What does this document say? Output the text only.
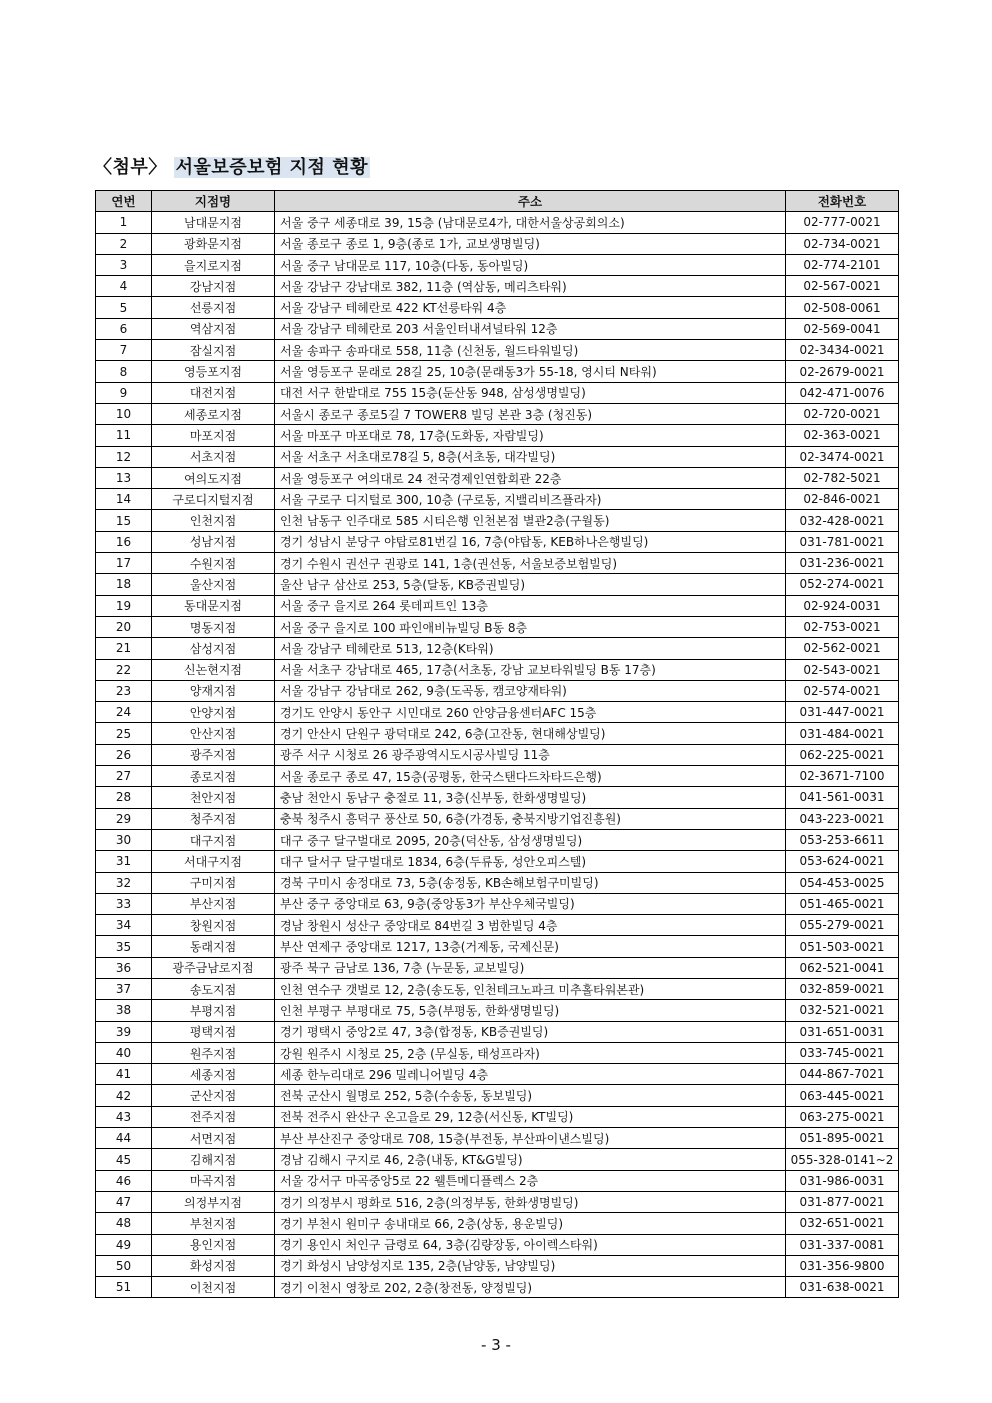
〈첨부〉 서울보증보험 지점 현황
연번	지점명	주소	전화번호
1	남대문지점	서울 중구 세종대로 39, 15층 (남대문로4가, 대한서울상공회의소)	02-777-0021
2	광화문지점	서울 종로구 종로 1, 9층(종로 1가, 교보생명빌딩)	02-734-0021
3	을지로지점	서울 중구 남대문로 117, 10층(다동, 동아빌딩)	02-774-2101
4	강남지점	서울 강남구 강남대로 382, 11층 (역삼동, 메리츠타워)	02-567-0021
5	선릉지점	서울 강남구 테헤란로 422 KT선릉타워 4층	02-508-0061
6	역삼지점	서울 강남구 테헤란로 203 서울인터내셔널타워 12층	02-569-0041
7	잠실지점	서울 송파구 송파대로 558, 11층 (신천동, 월드타워빌딩)	02-3434-0021
8	영등포지점	서울 영등포구 문래로 28길 25, 10층(문래동3가 55-18, 영시티 N타워)	02-2679-0021
9	대전지점	대전 서구 한밭대로 755 15층(둔산동 948, 삼성생명빌딩)	042-471-0076
10	세종로지점	서울시 종로구 종로5길 7 TOWER8 빌딩 본관 3층 (청진동)	02-720-0021
11	마포지점	서울 마포구 마포대로 78, 17층(도화동, 자람빌딩)	02-363-0021
12	서초지점	서울 서초구 서초대로78길 5, 8층(서초동, 대각빌딩)	02-3474-0021
13	여의도지점	서울 영등포구 여의대로 24 전국경제인연합회관 22층	02-782-5021
14	구로디지털지점	서울 구로구 디지털로 300, 10층 (구로동, 지밸리비즈플라자)	02-846-0021
15	인천지점	인천 남동구 인주대로 585 시티은행 인천본점 별관2층(구월동)	032-428-0021
16	성남지점	경기 성남시 분당구 야탑로81번길 16, 7층(야탑동, KEB하나은행빌딩)	031-781-0021
17	수원지점	경기 수원시 권선구 권광로 141, 1층(권선동, 서울보증보험빌딩)	031-236-0021
18	울산지점	울산 남구 삼산로 253, 5층(달동, KB증권빌딩)	052-274-0021
19	동대문지점	서울 중구 을지로 264 롯데피트인 13층	02-924-0031
20	명동지점	서울 중구 을지로 100 파인애비뉴빌딩 B동 8층	02-753-0021
21	삼성지점	서울 강남구 테헤란로 513, 12층(K타워)	02-562-0021
22	신논현지점	서울 서초구 강남대로 465, 17층(서초동, 강남 교보타워빌딩 B동 17층)	02-543-0021
23	양재지점	서울 강남구 강남대로 262, 9층(도곡동, 캠코양재타워)	02-574-0021
24	안양지점	경기도 안양시 동안구 시민대로 260 안양금융센터AFC 15층	031-447-0021
25	안산지점	경기 안산시 단원구 광덕대로 242, 6층(고잔동, 현대해상빌딩)	031-484-0021
26	광주지점	광주 서구 시청로 26 광주광역시도시공사빌딩 11층	062-225-0021
27	종로지점	서울 종로구 종로 47, 15층(공평동, 한국스탠다드차타드은행)	02-3671-7100
28	천안지점	충남 천안시 동남구 충절로 11, 3층(신부동, 한화생명빌딩)	041-561-0031
29	청주지점	충북 청주시 흥덕구 풍산로 50, 6층(가경동, 충북지방기업진흥원)	043-223-0021
30	대구지점	대구 중구 달구벌대로 2095, 20층(덕산동, 삼성생명빌딩)	053-253-6611
31	서대구지점	대구 달서구 달구벌대로 1834, 6층(두류동, 성안오피스텔)	053-624-0021
32	구미지점	경북 구미시 송정대로 73, 5층(송정동, KB손해보험구미빌딩)	054-453-0025
33	부산지점	부산 중구 중앙대로 63, 9층(중앙동3가 부산우체국빌딩)	051-465-0021
34	창원지점	경남 창원시 성산구 중앙대로 84번길 3 범한빌딩 4층	055-279-0021
35	동래지점	부산 연제구 중앙대로 1217, 13층(거제동, 국제신문)	051-503-0021
36	광주금남로지점	광주 북구 금남로 136, 7층 (누문동, 교보빌딩)	062-521-0041
37	송도지점	인천 연수구 갯벌로 12, 2층(송도동, 인천테크노파크 미추홀타워본관)	032-859-0021
38	부평지점	인천 부평구 부평대로 75, 5층(부평동, 한화생명빌딩)	032-521-0021
39	평택지점	경기 평택시 중앙2로 47, 3층(합정동, KB증권빌딩)	031-651-0031
40	원주지점	강원 원주시 시청로 25, 2층 (무실동, 태성프라자)	033-745-0021
41	세종지점	세종 한누리대로 296 밀레니어빌딩 4층	044-867-7021
42	군산지점	전북 군산시 월명로 252, 5층(수송동, 동보빌딩)	063-445-0021
43	전주지점	전북 전주시 완산구 온고을로 29, 12층(서신동, KT빌딩)	063-275-0021
44	서면지점	부산 부산진구 중앙대로 708, 15층(부전동, 부산파이낸스빌딩)	051-895-0021
45	김해지점	경남 김해시 구지로 46, 2층(내동, KT&G빌딩)	055-328-0141~2
46	마곡지점	서울 강서구 마곡중앙5로 22 웰튼메디플렉스 2층	031-986-0031
47	의정부지점	경기 의정부시 평화로 516, 2층(의정부동, 한화생명빌딩)	031-877-0021
48	부천지점	경기 부천시 원미구 송내대로 66, 2층(상동, 용운빌딩)	032-651-0021
49	용인지점	경기 용인시 처인구 금령로 64, 3층(김량장동, 아이렉스타워)	031-337-0081
50	화성지점	경기 화성시 남양성지로 135, 2층(남양동, 남양빌딩)	031-356-9800
51	이천지점	경기 이천시 영창로 202, 2층(창전동, 양정빌딩)	031-638-0021
- 3 -
